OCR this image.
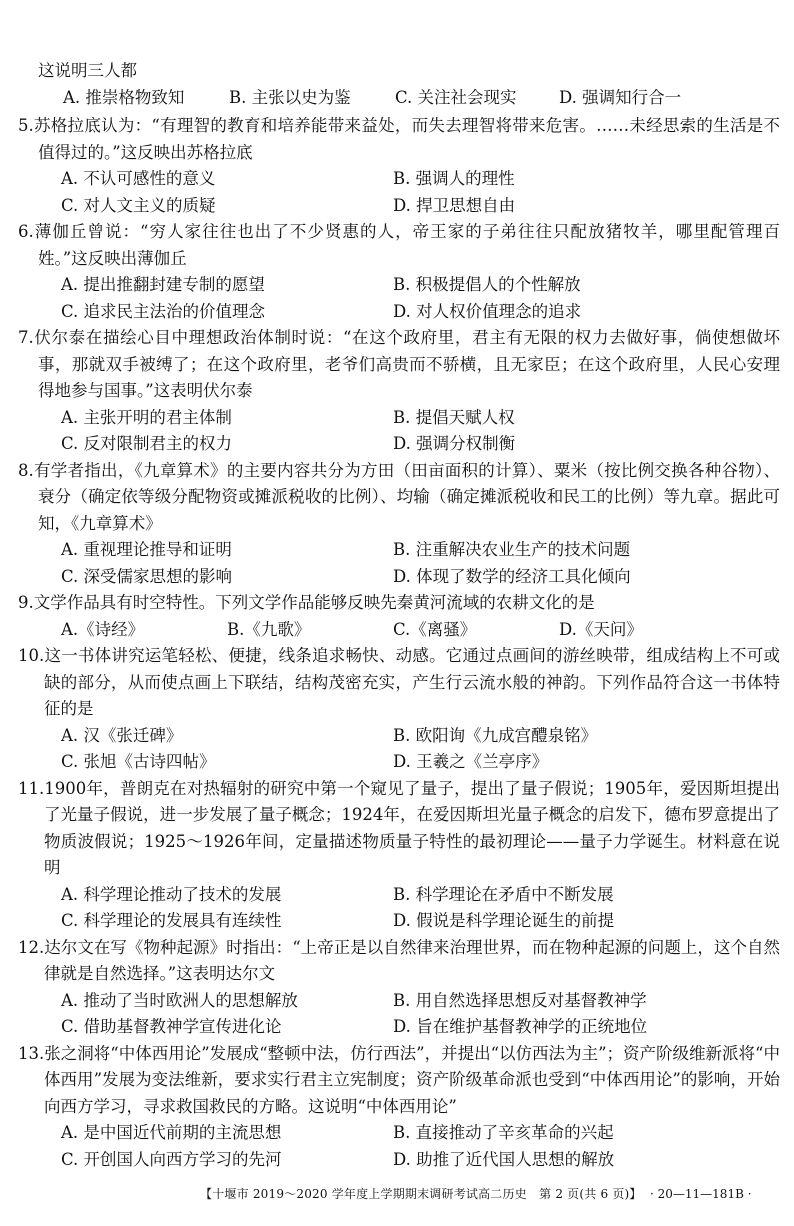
这说明三人都
A. 推崇格物致知	B. 主张以史为鉴	C. 关注社会现实	D. 强调知行合一
5.苏格拉底认为：“有理智的教育和培养能带来益处，而失去理智将带来危害。……未经思索的生活是不值得过的。”这反映出苏格拉底
A. 不认可感性的意义	B. 强调人的理性
C. 对人文主义的质疑	D. 捍卫思想自由
6.薄伽丘曾说：“穷人家往往也出了不少贤惠的人，帝王家的子弟往往只配放猪牧羊，哪里配管理百姓。”这反映出薄伽丘
A. 提出推翻封建专制的愿望	B. 积极提倡人的个性解放
C. 追求民主法治的价值理念	D. 对人权价值理念的追求
7.伏尔泰在描绘心目中理想政治体制时说：“在这个政府里，君主有无限的权力去做好事，倘使想做坏事，那就双手被缚了；在这个政府里，老爷们高贵而不骄横，且无家臣；在这个政府里，人民心安理得地参与国事。”这表明伏尔泰
A. 主张开明的君主体制	B. 提倡天赋人权
C. 反对限制君主的权力	D. 强调分权制衡
8.有学者指出，《九章算术》的主要内容共分为方田（田亩面积的计算）、粟米（按比例交换各种谷物）、衰分（确定依等级分配物资或摊派税收的比例）、均输（确定摊派税收和民工的比例）等九章。据此可知，《九章算术》
A. 重视理论推导和证明	B. 注重解决农业生产的技术问题
C. 深受儒家思想的影响	D. 体现了数学的经济工具化倾向
9.文学作品具有时空特性。下列文学作品能够反映先秦黄河流域的农耕文化的是
A.《诗经》	B.《九歌》	C.《离骚》	D.《天问》
10.这一书体讲究运笔轻松、便捷，线条追求畅快、动感。它通过点画间的游丝映带，组成结构上不可或缺的部分，从而使点画上下联结，结构茂密充实，产生行云流水般的神韵。下列作品符合这一书体特征的是
A. 汉《张迁碑》	B. 欧阳询《九成宫醴泉铭》
C. 张旭《古诗四帖》	D. 王羲之《兰亭序》
11.1900年，普朗克在对热辐射的研究中第一个窥见了量子，提出了量子假说；1905年，爱因斯坦提出了光量子假说，进一步发展了量子概念；1924年，在爱因斯坦光量子概念的启发下，德布罗意提出了物质波假说；1925～1926年间，定量描述物质量子特性的最初理论——量子力学诞生。材料意在说明
A. 科学理论推动了技术的发展	B. 科学理论在矛盾中不断发展
C. 科学理论的发展具有连续性	D. 假说是科学理论诞生的前提
12.达尔文在写《物种起源》时指出：“上帝正是以自然律来治理世界，而在物种起源的问题上，这个自然律就是自然选择。”这表明达尔文
A. 推动了当时欧洲人的思想解放	B. 用自然选择思想反对基督教神学
C. 借助基督教神学宣传进化论	D. 旨在维护基督教神学的正统地位
13.张之洞将“中体西用论”发展成“整顿中法，仿行西法”，并提出“以仿西法为主”；资产阶级维新派将“中体西用”发展为变法维新，要求实行君主立宪制度；资产阶级革命派也受到“中体西用论”的影响，开始向西方学习，寻求救国救民的方略。这说明“中体西用论”
A. 是中国近代前期的主流思想	B. 直接推动了辛亥革命的兴起
C. 开创国人向西方学习的先河	D. 助推了近代国人思想的解放
【十堰市 2019～2020 学年度上学期期末调研考试高二历史　第 2 页(共 6 页)】 · 20—11—181B ·
